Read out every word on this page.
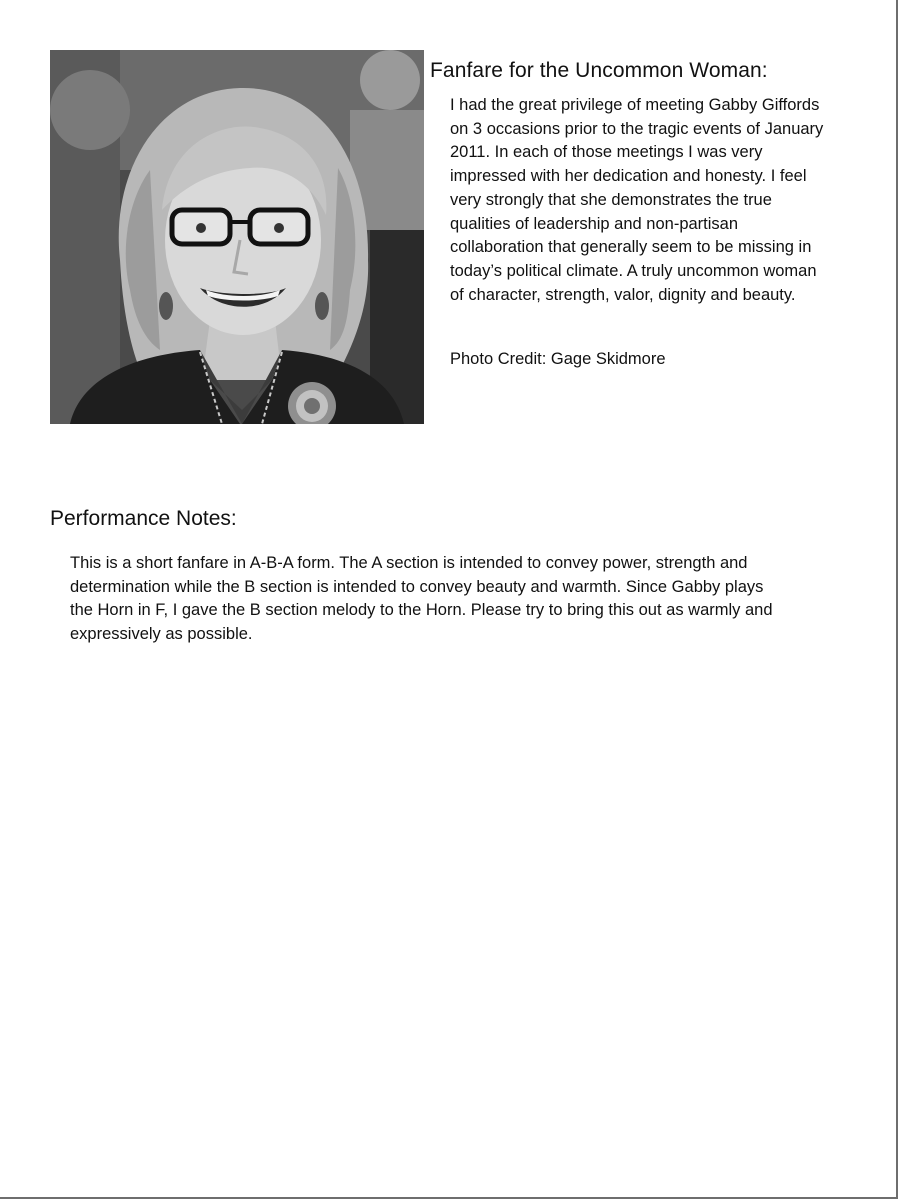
Fanfare for the Uncommon Woman:

I had the great privilege of meeting Gabby Giffords on 3 occasions prior to the tragic events of January 2011. In each of those meetings I was very impressed with her dedication and honesty. I feel very strongly that she demonstrates the true qualities of leadership and non-partisan collaboration that generally seem to be missing in today’s political climate. A truly uncommon woman of character, strength, valor, dignity and beauty.

Photo Credit: Gage Skidmore

Performance Notes:

This is a short fanfare in A-B-A form. The A section is intended to convey power, strength and determination while the B section is intended to convey beauty and warmth. Since Gabby plays the Horn in F, I gave the B section melody to the Horn. Please try to bring this out as warmly and expressively as possible.
